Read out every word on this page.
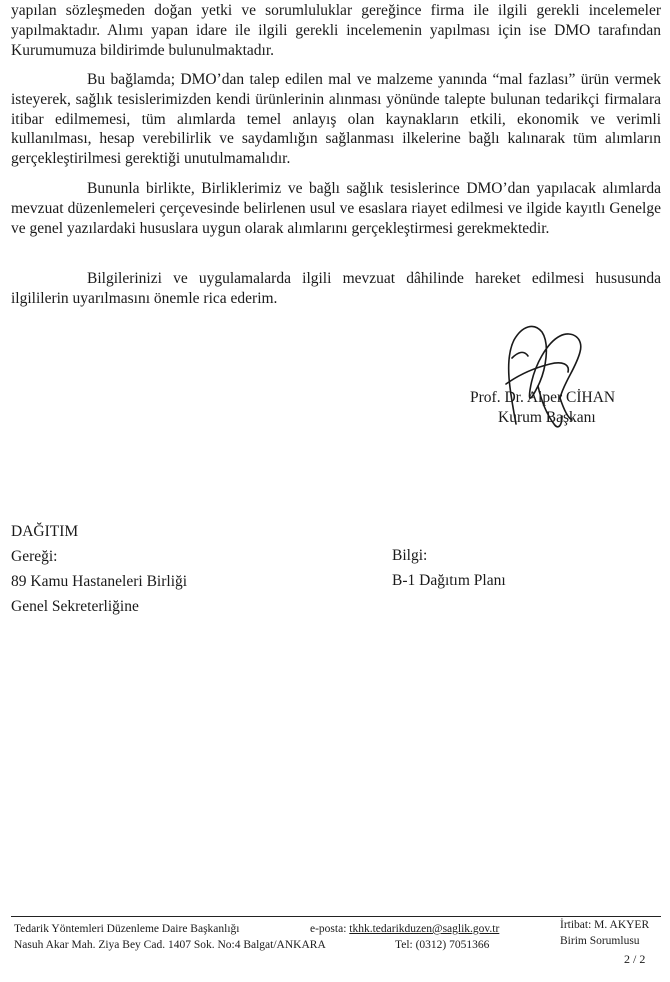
yapılan sözleşmeden doğan yetki ve sorumluluklar gereğince firma ile ilgili gerekli incelemeler yapılmaktadır. Alımı yapan idare ile ilgili gerekli incelemenin yapılması için ise DMO tarafından Kurumumuza bildirimde bulunulmaktadır.

Bu bağlamda; DMO’dan talep edilen mal ve malzeme yanında “mal fazlası” ürün vermek isteyerek, sağlık tesislerimizden kendi ürünlerinin alınması yönünde talepte bulunan tedarikçi firmalara itibar edilmemesi, tüm alımlarda temel anlayış olan kaynakların etkili, ekonomik ve verimli kullanılması, hesap verebilirlik ve saydamlığın sağlanması ilkelerine bağlı kalınarak tüm alımların gerçekleştirilmesi gerektiği unutulmamalıdır.

Bununla birlikte, Birliklerimiz ve bağlı sağlık tesislerince DMO’dan yapılacak alımlarda mevzuat düzenlemeleri çerçevesinde belirlenen usul ve esaslara riayet edilmesi ve ilgide kayıtlı Genelge ve genel yazılardaki hususlara uygun olarak alımlarını gerçekleştirmesi gerekmektedir.

Bilgilerinizi ve uygulamalarda ilgili mevzuat dâhilinde hareket edilmesi hususunda ilgililerin uyarılmasını önemle rica ederim.

Prof. Dr. Alper CİHAN
Kurum Başkanı
DAĞITIM
Gereği:
89 Kamu Hastaneleri Birliği
Genel Sekreterliğine
Bilgi:
B-1 Dağıtım Planı
Tedarik Yöntemleri Düzenleme Daire Başkanlığı
Nasuh Akar Mah. Ziya Bey Cad. 1407 Sok. No:4 Balgat/ANKARA
e-posta: tkhk.tedarikduzen@saglik.gov.tr
Tel: (0312) 7051366
İrtibat: M. AKYER
Birim Sorumlusu
2 / 2
